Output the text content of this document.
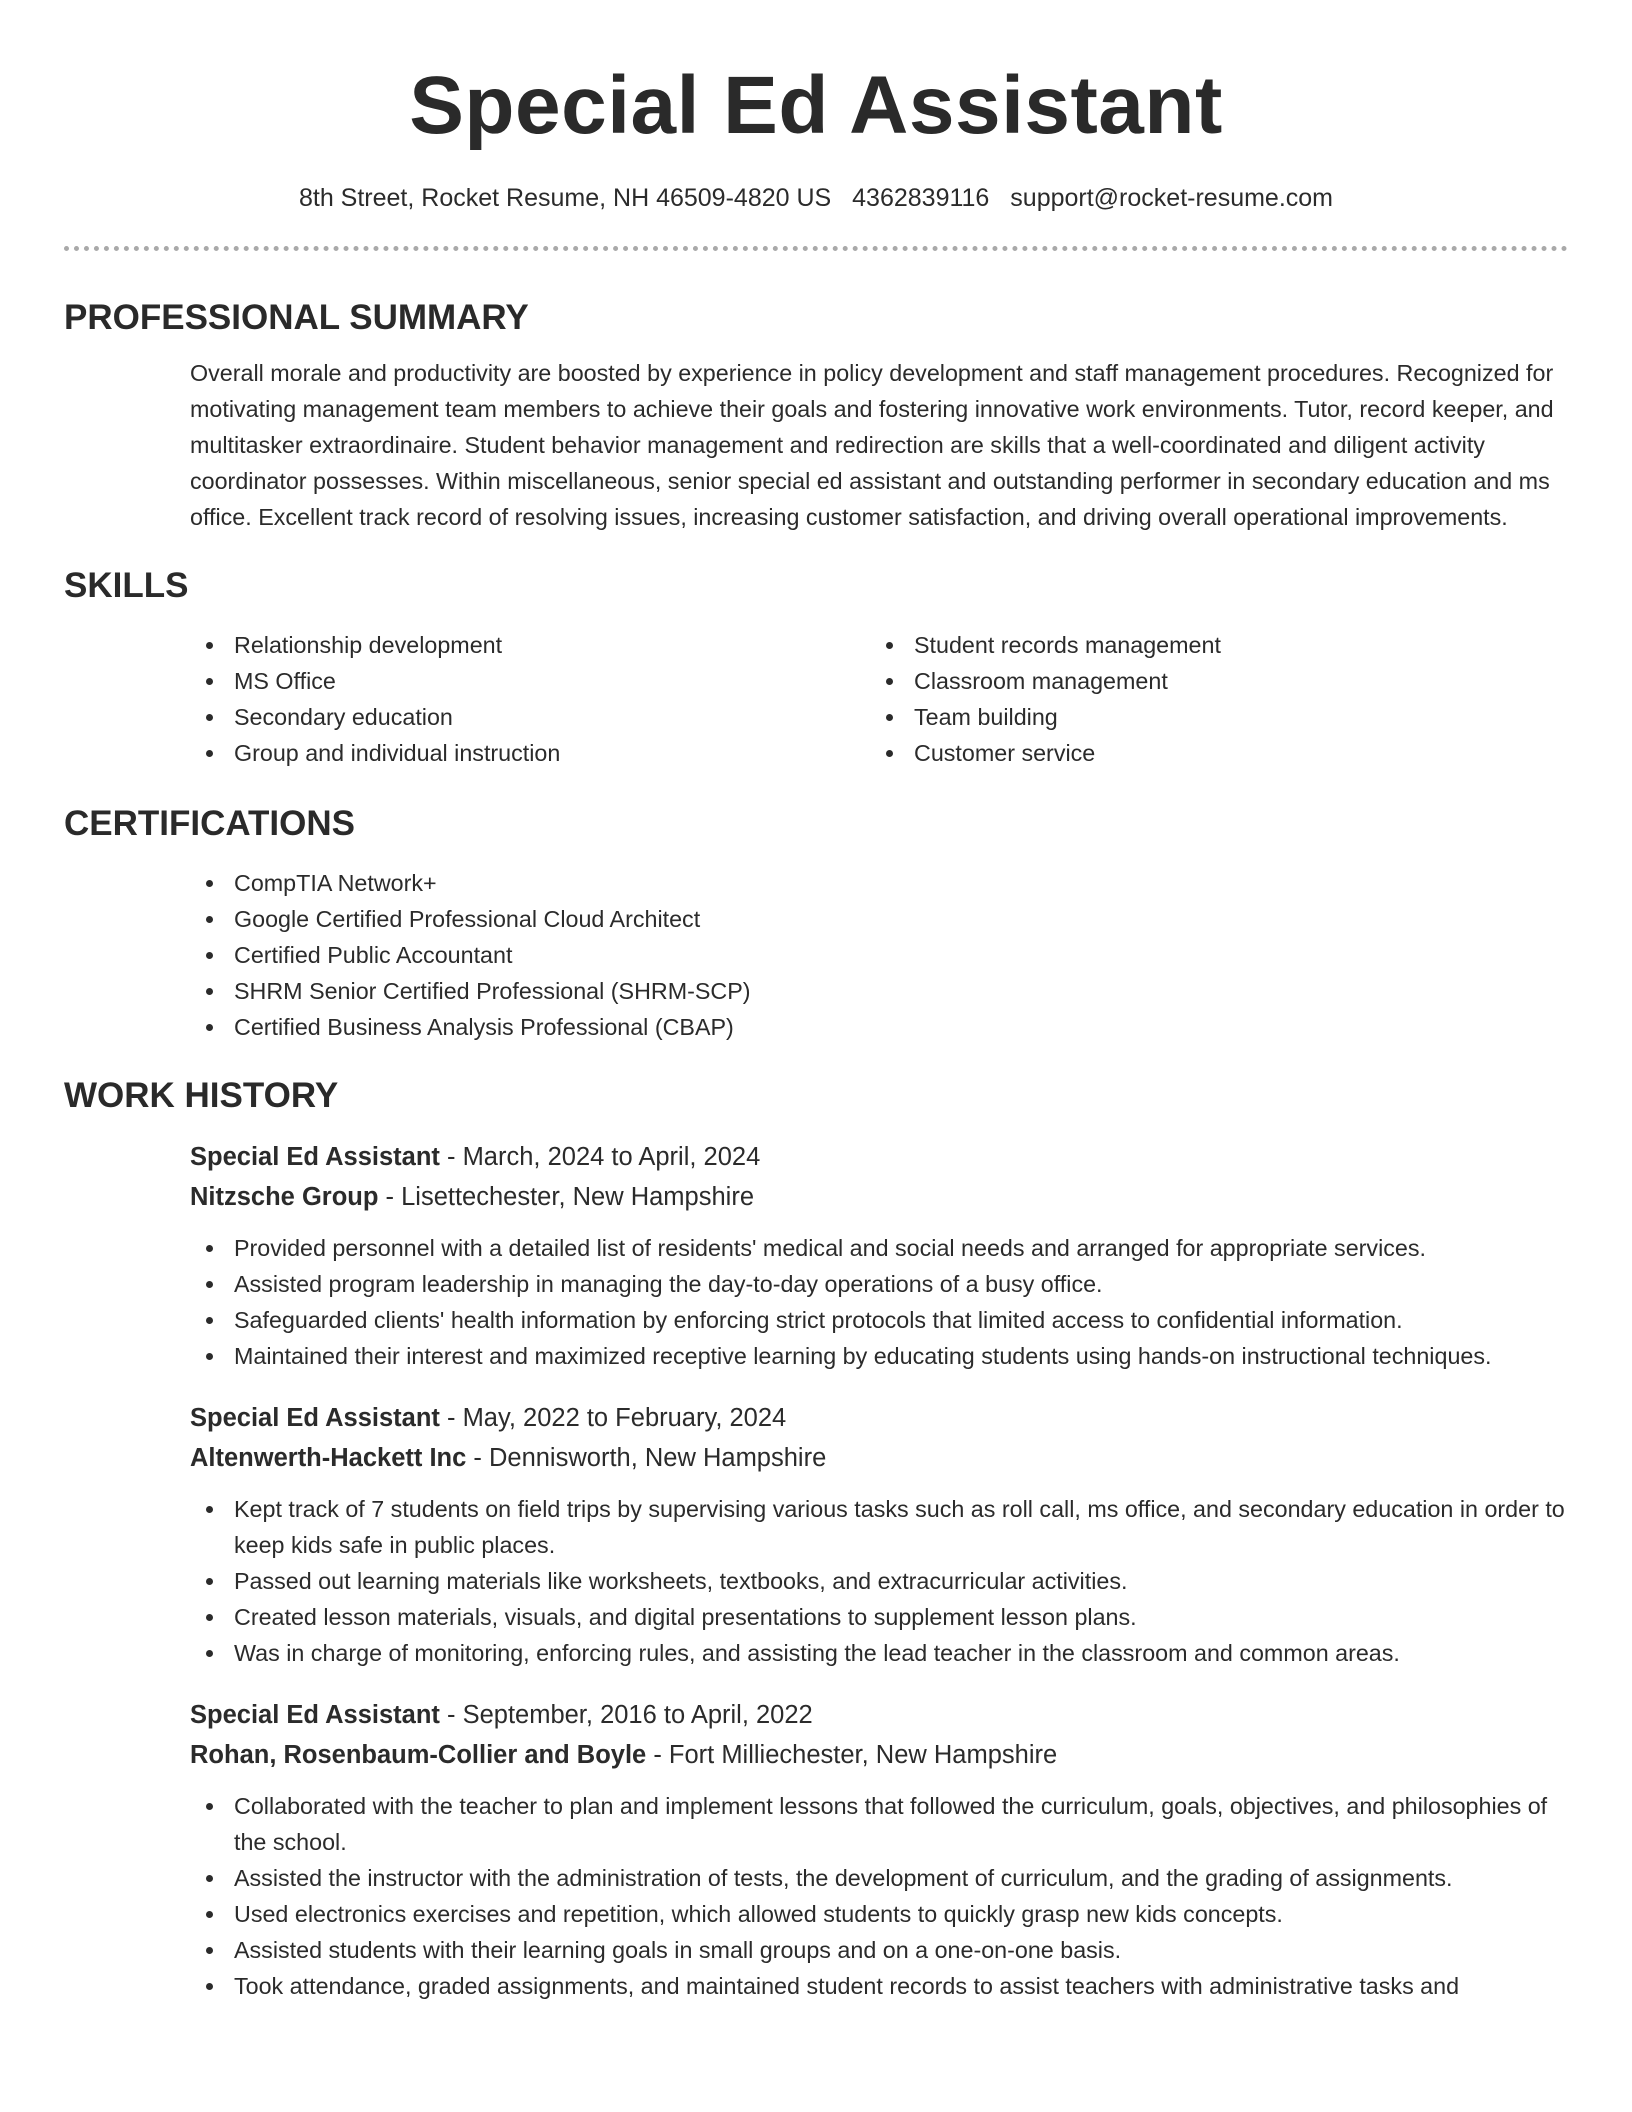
Special Ed Assistant
8th Street, Rocket Resume, NH 46509-4820 US 4362839116 support@rocket-resume.com
PROFESSIONAL SUMMARY

Overall morale and productivity are boosted by experience in policy development and staff management procedures. Recognized for motivating management team members to achieve their goals and fostering innovative work environments. Tutor, record keeper, and multitasker extraordinaire. Student behavior management and redirection are skills that a well-coordinated and diligent activity coordinator possesses. Within miscellaneous, senior special ed assistant and outstanding performer in secondary education and ms office. Excellent track record of resolving issues, increasing customer satisfaction, and driving overall operational improvements.

SKILLS
Relationship development
MS Office
Secondary education
Group and individual instruction
Student records management
Classroom management
Team building
Customer service
CERTIFICATIONS
CompTIA Network+
Google Certified Professional Cloud Architect
Certified Public Accountant
SHRM Senior Certified Professional (SHRM-SCP)
Certified Business Analysis Professional (CBAP)
WORK HISTORY
Special Ed Assistant - March, 2024 to April, 2024
Nitzsche Group - Lisettechester, New Hampshire
Provided personnel with a detailed list of residents' medical and social needs and arranged for appropriate services.
Assisted program leadership in managing the day-to-day operations of a busy office.
Safeguarded clients' health information by enforcing strict protocols that limited access to confidential information.
Maintained their interest and maximized receptive learning by educating students using hands-on instructional techniques.
Special Ed Assistant - May, 2022 to February, 2024
Altenwerth-Hackett Inc - Dennisworth, New Hampshire
Kept track of 7 students on field trips by supervising various tasks such as roll call, ms office, and secondary education in order to keep kids safe in public places.
Passed out learning materials like worksheets, textbooks, and extracurricular activities.
Created lesson materials, visuals, and digital presentations to supplement lesson plans.
Was in charge of monitoring, enforcing rules, and assisting the lead teacher in the classroom and common areas.
Special Ed Assistant - September, 2016 to April, 2022
Rohan, Rosenbaum-Collier and Boyle - Fort Milliechester, New Hampshire
Collaborated with the teacher to plan and implement lessons that followed the curriculum, goals, objectives, and philosophies of the school.
Assisted the instructor with the administration of tests, the development of curriculum, and the grading of assignments.
Used electronics exercises and repetition, which allowed students to quickly grasp new kids concepts.
Assisted students with their learning goals in small groups and on a one-on-one basis.
Took attendance, graded assignments, and maintained student records to assist teachers with administrative tasks and
